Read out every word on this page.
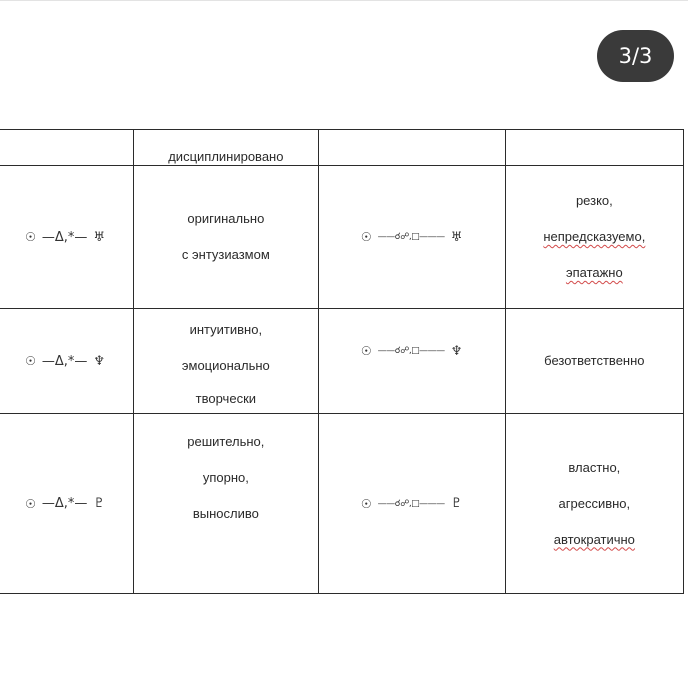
3/3

	дисциплинировано		

☉ —Δ,*— ♅	оригинально
с энтузиазмом	☉ ——☌☍,□——— ♅	резко,
непредсказуемо,
эпатажно

☉ —Δ,*— ♆	интуитивно,
эмоционально
творчески	☉ ——☌☍,□——— ♆	безответственно

☉ —Δ,*— ♇	решительно,
упорно,
выносливо	☉ ——☌☍,□——— ♇	властно,
агрессивно,
автократично
